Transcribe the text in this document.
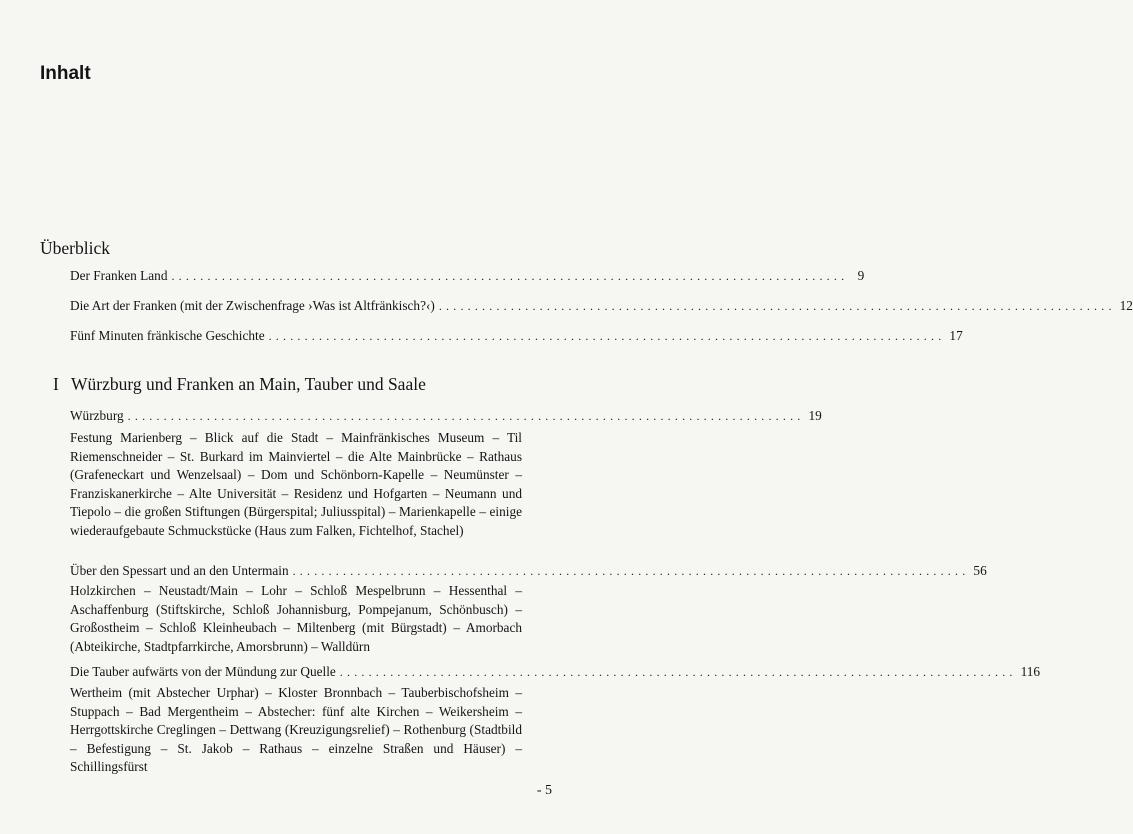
Inhalt
Überblick
Der Franken Land .............................................................................................. 9
Die Art der Franken (mit der Zwischenfrage ›Was ist Altfränkisch?‹) .............................................................................................. 12
Fünf Minuten fränkische Geschichte .............................................................................................. 17
I Würzburg und Franken an Main, Tauber und Saale
Würzburg .............................................................................................. 19
Festung Marienberg – Blick auf die Stadt – Mainfränkisches Museum – Til Riemenschneider – St. Burkard im Mainviertel – die Alte Mainbrücke – Rathaus (Grafeneckart und Wenzelsaal) – Dom und Schönborn-Kapelle – Neumünster – Franziskanerkirche – Alte Universität – Residenz und Hofgarten – Neumann und Tiepolo – die großen Stiftungen (Bürgerspital; Juliusspital) – Marienkapelle – einige wiederaufgebaute Schmuckstücke (Haus zum Falken, Fichtelhof, Stachel)
Über den Spessart und an den Untermain .............................................................................................. 56
Holzkirchen – Neustadt/Main – Lohr – Schloß Mespelbrunn – Hessenthal – Aschaffenburg (Stiftskirche, Schloß Johannisburg, Pompejanum, Schönbusch) – Großostheim – Schloß Kleinheubach – Miltenberg (mit Bürgstadt) – Amorbach (Abteikirche, Stadtpfarrkirche, Amorsbrunn) – Walldürn
Die Tauber aufwärts von der Mündung zur Quelle .............................................................................................. 116
Wertheim (mit Abstecher Urphar) – Kloster Bronnbach – Tauberbischofsheim – Stuppach – Bad Mergentheim – Abstecher: fünf alte Kirchen – Weikersheim – Herrgottskirche Creglingen – Dettwang (Kreuzigungsrelief) – Rothenburg (Stadtbild – Befestigung – St. Jakob – Rathaus – einzelne Straßen und Häuser) – Schillingsfürst
- 5
